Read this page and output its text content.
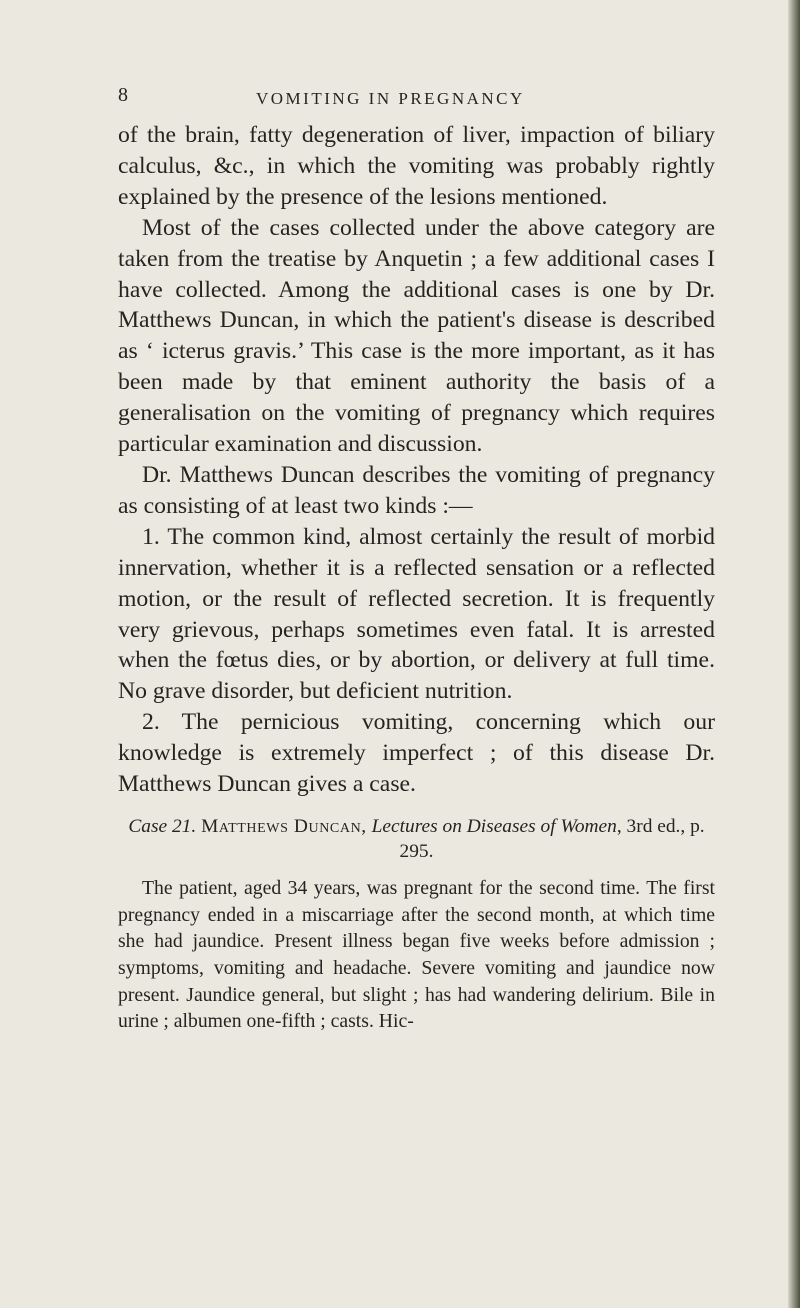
8	VOMITING IN PREGNANCY

of the brain, fatty degeneration of liver, impaction of biliary calculus, &c., in which the vomiting was probably rightly explained by the presence of the lesions mentioned.

Most of the cases collected under the above category are taken from the treatise by Anquetin ; a few additional cases I have collected. Among the additional cases is one by Dr. Matthews Duncan, in which the patient's disease is described as ‘ icterus gravis.’ This case is the more important, as it has been made by that eminent authority the basis of a generalisation on the vomiting of pregnancy which requires particular examination and discussion.

Dr. Matthews Duncan describes the vomiting of pregnancy as consisting of at least two kinds :—

1. The common kind, almost certainly the result of morbid innervation, whether it is a reflected sensation or a reflected motion, or the result of reflected secretion. It is frequently very grievous, perhaps sometimes even fatal. It is arrested when the fœtus dies, or by abortion, or delivery at full time. No grave disorder, but deficient nutrition.

2. The pernicious vomiting, concerning which our knowledge is extremely imperfect ; of this disease Dr. Matthews Duncan gives a case.

Case 21. Matthews Duncan, Lectures on Diseases of Women, 3rd ed., p. 295.

The patient, aged 34 years, was pregnant for the second time. The first pregnancy ended in a miscarriage after the second month, at which time she had jaundice. Present illness began five weeks before admission ; symptoms, vomiting and headache. Severe vomiting and jaundice now present. Jaundice general, but slight ; has had wandering delirium. Bile in urine ; albumen one-fifth ; casts. Hic-
